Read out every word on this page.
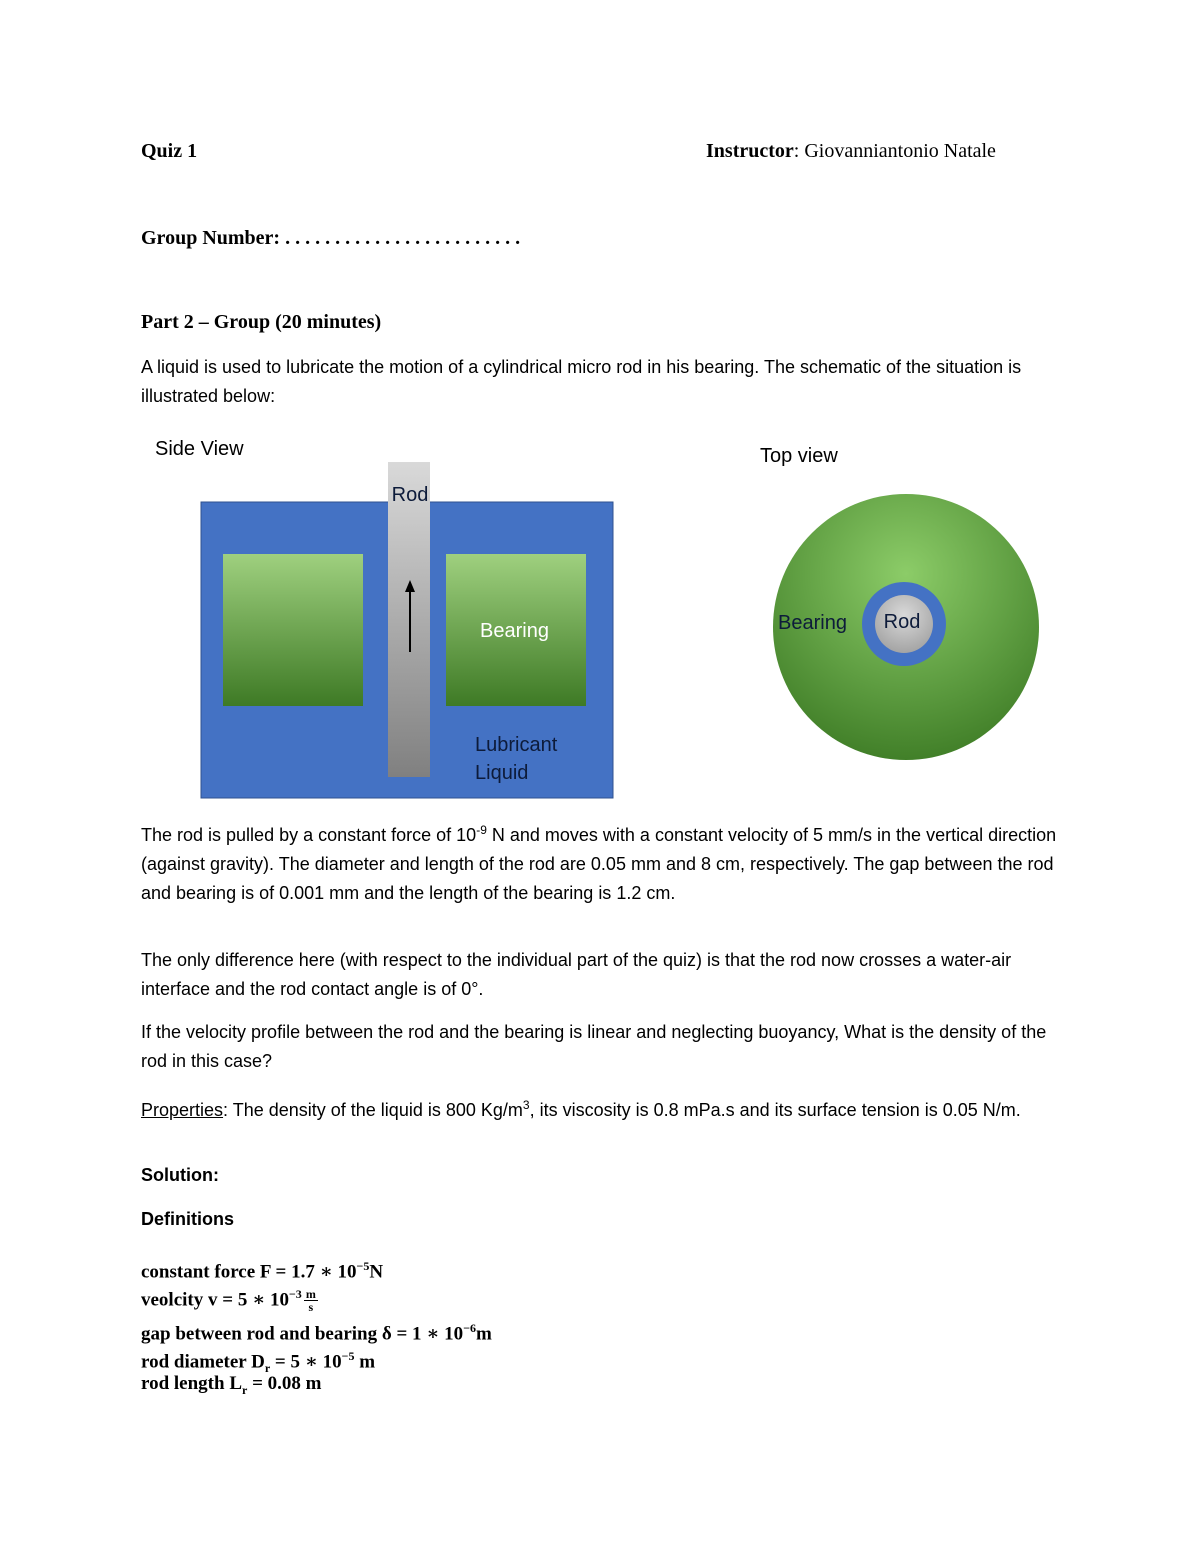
Quiz 1	Instructor: Giovanniantonio Natale
Group Number: . . . . . . . . . . . . . . . . . . . . . . . .
Part 2 – Group (20 minutes)
A liquid is used to lubricate the motion of a cylindrical micro rod in his bearing. The schematic of the situation is illustrated below:
Side View
Rod
Bearing
Lubricant
Liquid
Top view
Bearing Rod
The rod is pulled by a constant force of $10^{-9}$ N and moves with a constant velocity of 5 mm/s in the vertical direction (against gravity). The diameter and length of the rod are 0.05 mm and 8 cm, respectively. The gap between the rod and bearing is of 0.001 mm and the length of the bearing is 1.2 cm.
The only difference here (with respect to the individual part of the quiz) is that the rod now crosses a water-air interface and the rod contact angle is of 0°.
If the velocity profile between the rod and the bearing is linear and neglecting buoyancy, What is the density of the rod in this case?
Properties: The density of the liquid is 800 $Kg/m^3$, its viscosity is 0.8 mPa.s and its surface tension is 0.05 N/m.
Solution:
Definitions
constant force F = 1.7 ∗ $10^{-5}N$
veolcity v = 5 ∗ $10^{-3} \frac{m}{s}$
gap between rod and bearing δ = 1 ∗ $10^{-6}m$
rod diameter $D_r = 5$ ∗ $10^{-5}$ m
rod length $L_r = 0.08$ m
